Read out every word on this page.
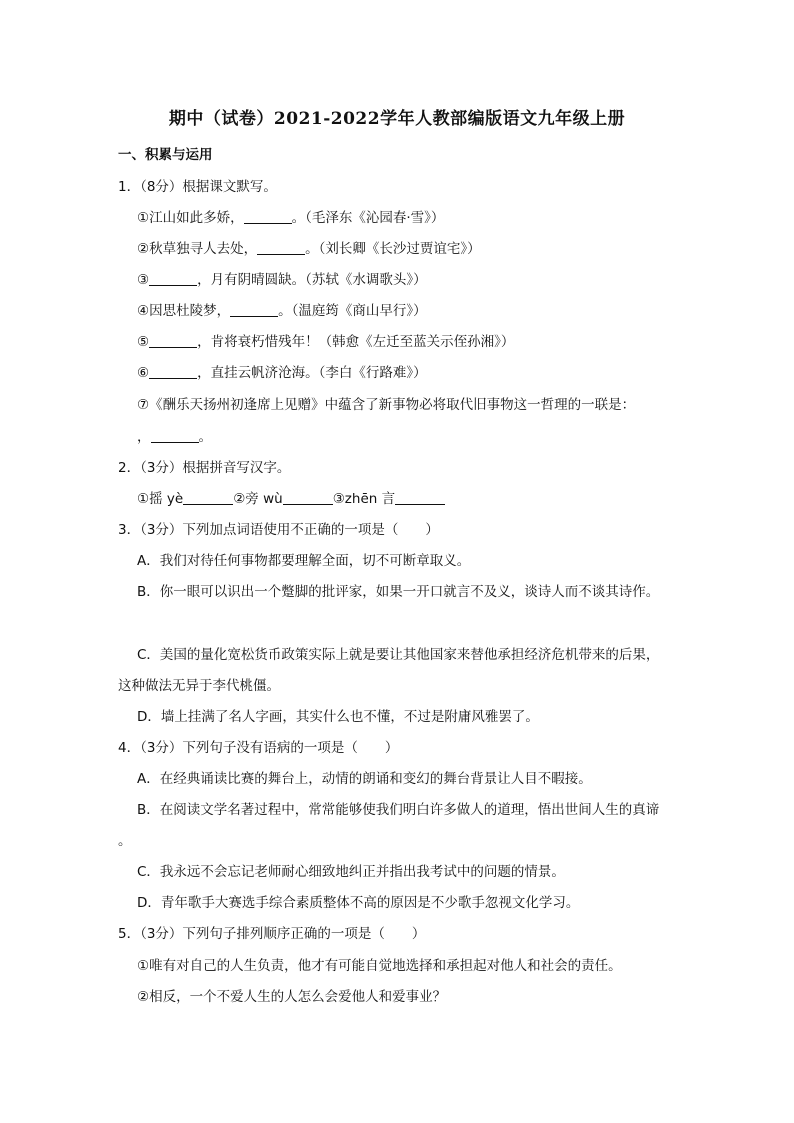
期中（试卷）2021-2022学年人教部编版语文九年级上册
一、积累与运用
1．（8分）根据课文默写。
①江山如此多娇，	。（毛泽东《沁园春·雪》）
②秋草独寻人去处，	。（刘长卿《长沙过贾谊宅》）
③	，月有阴晴圆缺。（苏轼《水调歌头》）
④因思杜陵梦，	。（温庭筠《商山早行》）
⑤	，肯将衰朽惜残年！（韩愈《左迁至蓝关示侄孙湘》）
⑥	，直挂云帆济沧海。（李白《行路难》）
⑦《酬乐天扬州初逢席上见赠》中蕴含了新事物必将取代旧事物这一哲理的一联是：
，	。
2．（3分）根据拼音写汉字。
①摇 yè	②旁 wù	③zhēn 言
3．（3分）下列加点词语使用不正确的一项是（　　）
A．我们对待任何事物都要理解全面，切不可断章取义。
B．你一眼可以识出一个蹩脚的批评家，如果一开口就言不及义，谈诗人而不谈其诗作。
C．美国的量化宽松货币政策实际上就是要让其他国家来替他承担经济危机带来的后果，
这种做法无异于李代桃僵。
D．墙上挂满了名人字画，其实什么也不懂，不过是附庸风雅罢了。
4．（3分）下列句子没有语病的一项是（　　）
A．在经典诵读比赛的舞台上，动情的朗诵和变幻的舞台背景让人目不暇接。
B．在阅读文学名著过程中，常常能够使我们明白许多做人的道理，悟出世间人生的真谛
。
C．我永远不会忘记老师耐心细致地纠正并指出我考试中的问题的情景。
D．青年歌手大赛选手综合素质整体不高的原因是不少歌手忽视文化学习。
5．（3分）下列句子排列顺序正确的一项是（　　）
①唯有对自己的人生负责，他才有可能自觉地选择和承担起对他人和社会的责任。
②相反，一个不爱人生的人怎么会爱他人和爱事业？
